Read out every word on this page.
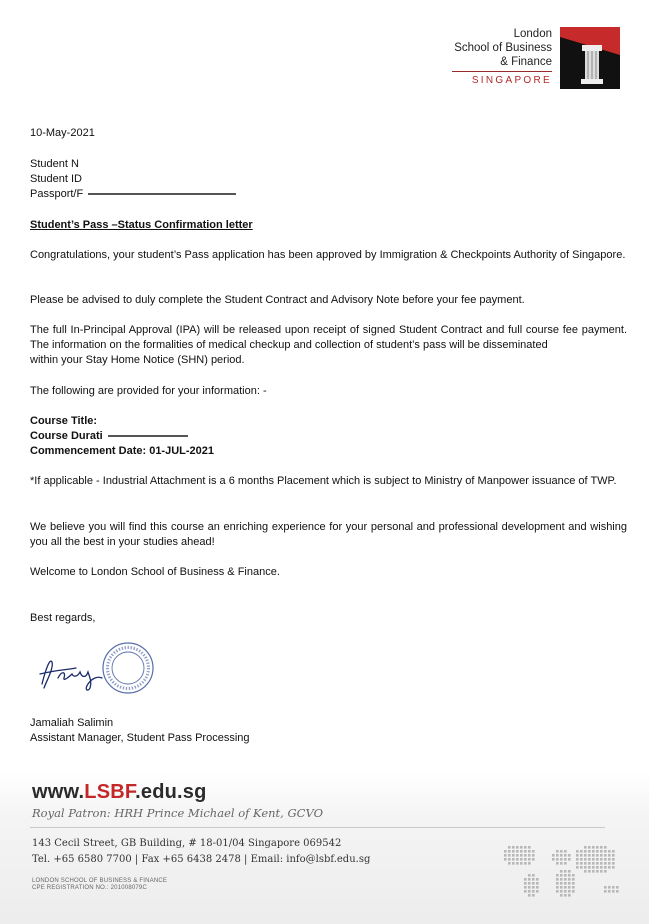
London
School of Business
& Finance
SINGAPORE
10-May-2021
Student N
Student ID
Passport/F
Student’s Pass –Status Confirmation letter
Congratulations, your student’s Pass application has been approved by Immigration & Checkpoints Authority of Singapore.
Please be advised to duly complete the Student Contract and Advisory Note before your fee payment.
The full In-Principal Approval (IPA) will be released upon receipt of signed Student Contract and full course fee payment. The information on the formalities of medical checkup and collection of student’s pass will be disseminated
within your Stay Home Notice (SHN) period.
The following are provided for your information: -
Course Title:
Course Durati
Commencement Date: 01-JUL-2021
*If applicable - Industrial Attachment is a 6 months Placement which is subject to Ministry of Manpower issuance of TWP.
We believe you will find this course an enriching experience for your personal and professional development and wishing you all the best in your studies ahead!
Welcome to London School of Business & Finance.
Best regards,
Jamaliah Salimin
Assistant Manager, Student Pass Processing
www.LSBF.edu.sg
Royal Patron: HRH Prince Michael of Kent, GCVO
143 Cecil Street, GB Building, # 18-01/04 Singapore 069542
Tel. +65 6580 7700 | Fax +65 6438 2478 | Email: info@lsbf.edu.sg
LONDON SCHOOL OF BUSINESS & FINANCE
CPE REGISTRATION NO.: 201008079C
